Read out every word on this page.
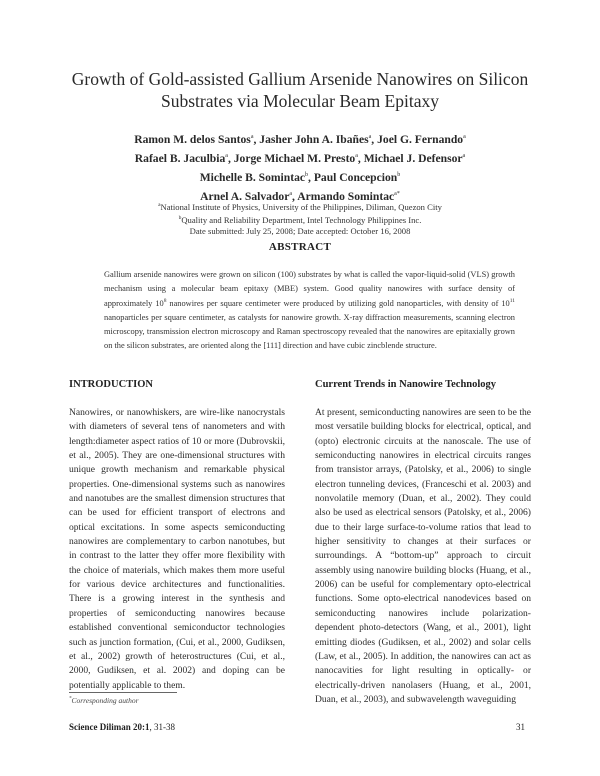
Growth of Gold-assisted Gallium Arsenide Nanowires on Silicon
Substrates via Molecular Beam Epitaxy
Ramon M. delos Santos$^a$, Jasher John A. Ibañes$^a$, Joel G. Fernando$^a$
Rafael B. Jaculbia$^a$, Jorge Michael M. Presto$^a$, Michael J. Defensor$^a$
Michelle B. Somintac$^b$, Paul Concepcion$^b$
Arnel A. Salvador$^a$, Armando Somintac$^{a*}$
$^a$National Institute of Physics, University of the Philippines, Diliman, Quezon City
$^b$Quality and Reliability Department, Intel Technology Philippines Inc.
Date submitted: July 25, 2008; Date accepted: October 16, 2008
ABSTRACT
Gallium arsenide nanowires were grown on silicon (100) substrates by what is called the vapor-liquid-solid (VLS) growth mechanism using a molecular beam epitaxy (MBE) system. Good quality nanowires with surface density of approximately $10^8$ nanowires per square centimeter were produced by utilizing gold nanoparticles, with density of $10^{11}$ nanoparticles per square centimeter, as catalysts for nanowire growth. X-ray diffraction measurements, scanning electron microscopy, transmission electron microscopy and Raman spectroscopy revealed that the nanowires are epitaxially grown on the silicon substrates, are oriented along the [111] direction and have cubic zincblende structure.
INTRODUCTION

Nanowires, or nanowhiskers, are wire-like nanocrystals with diameters of several tens of nanometers and with length:diameter aspect ratios of 10 or more (Dubrovskii, et al., 2005). They are one-dimensional structures with unique growth mechanism and remarkable physical properties. One-dimensional systems such as nanowires and nanotubes are the smallest dimension structures that can be used for efficient transport of electrons and optical excitations. In some aspects semiconducting nanowires are complementary to carbon nanotubes, but in contrast to the latter they offer more flexibility with the choice of materials, which makes them more useful for various device architectures and functionalities. There is a growing interest in the synthesis and properties of semiconducting nanowires because established conventional semiconductor technologies such as junction formation, (Cui, et al., 2000, Gudiksen, et al., 2002) growth of heterostructures (Cui, et al., 2000, Gudiksen, et al. 2002) and doping can be potentially applicable to them.

Current Trends in Nanowire Technology

At present, semiconducting nanowires are seen to be the most versatile building blocks for electrical, optical, and (opto) electronic circuits at the nanoscale. The use of semiconducting nanowires in electrical circuits ranges from transistor arrays, (Patolsky, et al., 2006) to single electron tunneling devices, (Franceschi et al. 2003) and nonvolatile memory (Duan, et al., 2002). They could also be used as electrical sensors (Patolsky, et al., 2006) due to their large surface-to-volume ratios that lead to higher sensitivity to changes at their surfaces or surroundings. A “bottom-up” approach to circuit assembly using nanowire building blocks (Huang, et al., 2006) can be useful for complementary opto-electrical functions. Some opto-electrical nanodevices based on semiconducting nanowires include polarization-dependent photo-detectors (Wang, et al., 2001), light emitting diodes (Gudiksen, et al., 2002) and solar cells (Law, et al., 2005). In addition, the nanowires can act as nanocavities for light resulting in optically- or electrically-driven nanolasers (Huang, et al., 2001, Duan, et al., 2003), and subwavelength waveguiding

*Corresponding author
Science Diliman 20:1, 31-38	31
